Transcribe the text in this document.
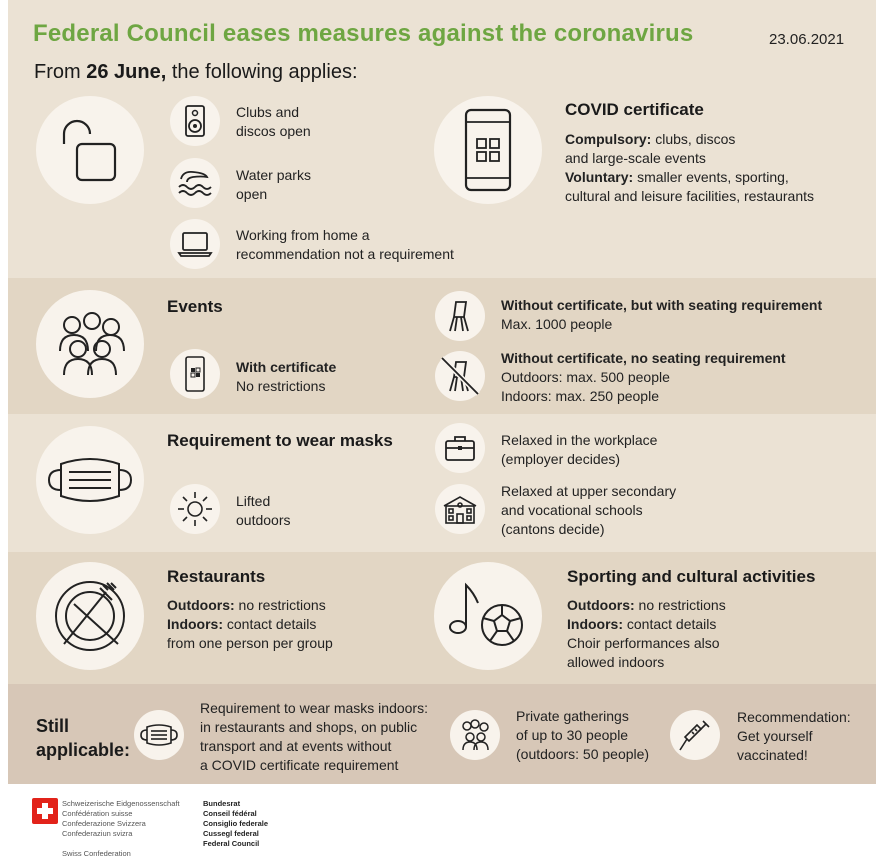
Federal Council eases measures against the coronavirus	23.06.2021
From 26 June, the following applies:
Clubs and
discos open
Water parks
open
Working from home a
recommendation not a requirement
COVID certificate
Compulsory: clubs, discos
and large-scale events
Voluntary: smaller events, sporting,
cultural and leisure facilities, restaurants
Events
With certificate
No restrictions
Without certificate, but with seating requirement
Max. 1000 people
Without certificate, no seating requirement
Outdoors: max. 500 people
Indoors: max. 250 people
Requirement to wear masks
Lifted
outdoors
Relaxed in the workplace
(employer decides)
Relaxed at upper secondary
and vocational schools
(cantons decide)
Restaurants
Outdoors: no restrictions
Indoors: contact details
from one person per group
Sporting and cultural activities
Outdoors: no restrictions
Indoors: contact details
Choir performances also
allowed indoors
Still
applicable:
Requirement to wear masks indoors:
in restaurants and shops, on public
transport and at events without
a COVID certificate requirement
Private gatherings
of up to 30 people
(outdoors: 50 people)
Recommendation:
Get yourself
vaccinated!
Schweizerische Eidgenossenschaft
Confédération suisse
Confederazione Svizzera
Confederaziun svizra
Swiss Confederation
Bundesrat
Conseil fédéral
Consiglio federale
Cussegl federal
Federal Council
